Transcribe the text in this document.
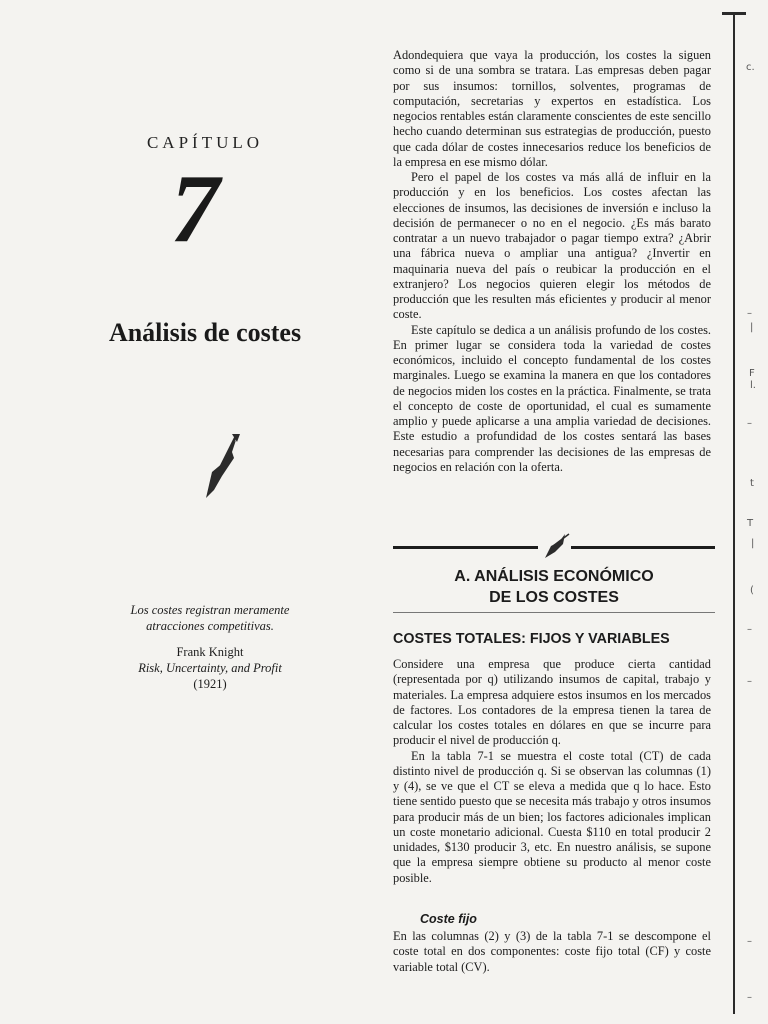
CAPÍTULO
7
Análisis de costes
Los costes registran meramente
atracciones competitivas.
Frank Knight
Risk, Uncertainty, and Profit
(1921)

Adondequiera que vaya la producción, los costes la siguen como si de una sombra se tratara. Las empresas deben pagar por sus insumos: tornillos, solventes, programas de computación, secretarias y expertos en estadística. Los negocios rentables están claramente conscientes de este sencillo hecho cuando determinan sus estrategias de producción, puesto que cada dólar de costes innecesarios reduce los beneficios de la empresa en ese mismo dólar.

Pero el papel de los costes va más allá de influir en la producción y en los beneficios. Los costes afectan las elecciones de insumos, las decisiones de inversión e incluso la decisión de permanecer o no en el negocio. ¿Es más barato contratar a un nuevo trabajador o pagar tiempo extra? ¿Abrir una fábrica nueva o ampliar una antigua? ¿Invertir en maquinaria nueva del país o reubicar la producción en el extranjero? Los negocios quieren elegir los métodos de producción que les resulten más eficientes y producir al menor coste.

Este capítulo se dedica a un análisis profundo de los costes. En primer lugar se considera toda la variedad de costes económicos, incluido el concepto fundamental de los costes marginales. Luego se examina la manera en que los contadores de negocios miden los costes en la práctica. Finalmente, se trata el concepto de coste de oportunidad, el cual es sumamente amplio y puede aplicarse a una amplia variedad de decisiones. Este estudio a profundidad de los costes sentará las bases necesarias para comprender las decisiones de las empresas de negocios en relación con la oferta.

A. ANÁLISIS ECONÓMICO
DE LOS COSTES
COSTES TOTALES: FIJOS Y VARIABLES

Considere una empresa que produce cierta cantidad (representada por q) utilizando insumos de capital, trabajo y materiales. La empresa adquiere estos insumos en los mercados de factores. Los contadores de la empresa tienen la tarea de calcular los costes totales en dólares en que se incurre para producir el nivel de producción q.

En la tabla 7-1 se muestra el coste total (CT) de cada distinto nivel de producción q. Si se observan las columnas (1) y (4), se ve que el CT se eleva a medida que q lo hace. Esto tiene sentido puesto que se necesita más trabajo y otros insumos para producir más de un bien; los factores adicionales implican un coste monetario adicional. Cuesta $110 en total producir 2 unidades, $130 producir 3, etc. En nuestro análisis, se supone que la empresa siempre obtiene su producto al menor coste posible.

Coste fijo

En las columnas (2) y (3) de la tabla 7-1 se descompone el coste total en dos componentes: coste fijo total (CF) y coste variable total (CV).

c.
–
|
F
l.
–
t
T
|
(
–
–
–
–
